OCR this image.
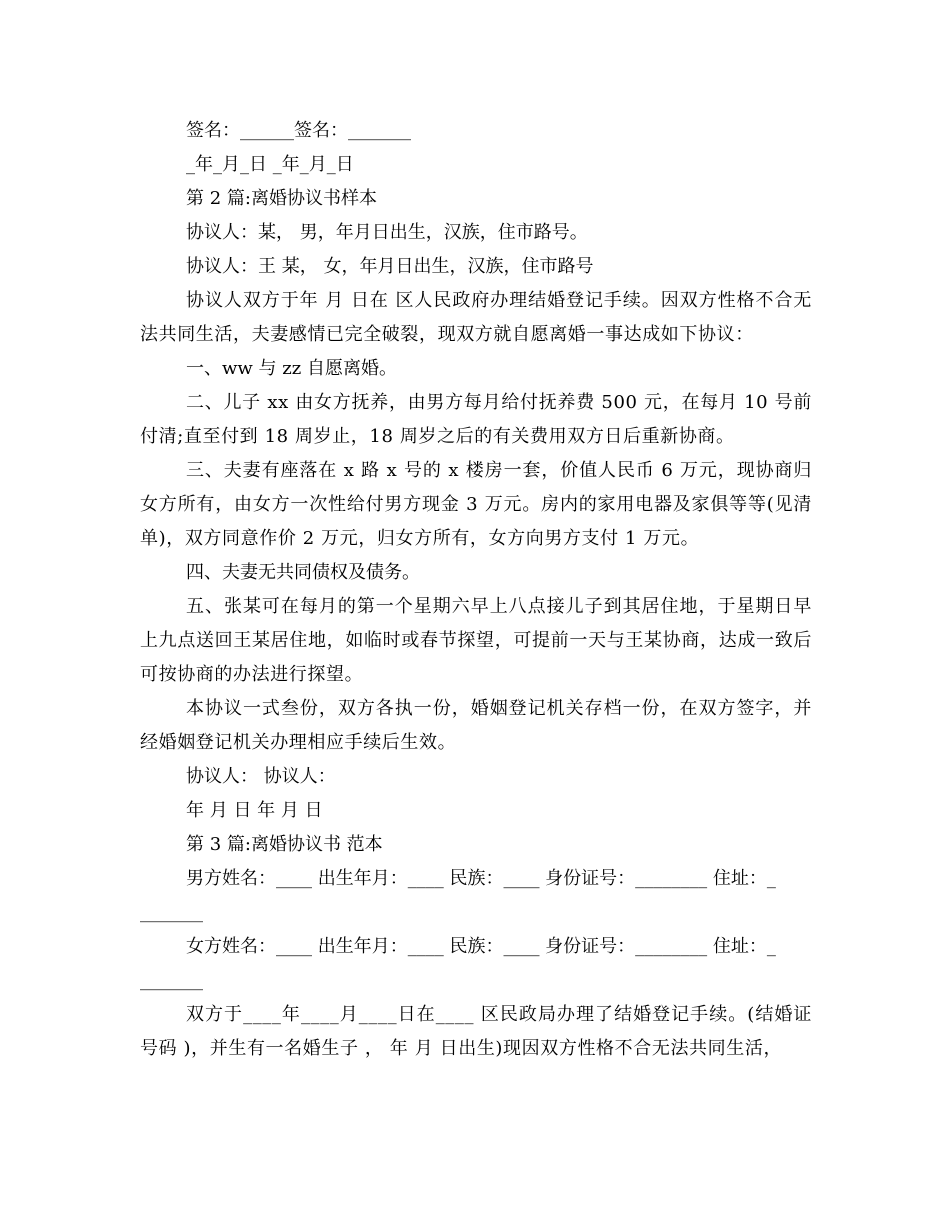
签名：______签名：_______

_年_月_日 _年_月_日

第 2 篇:离婚协议书样本

协议人：某， 男，年月日出生，汉族，住市路号。

协议人：王 某， 女，年月日出生，汉族，住市路号

协议人双方于年 月 日在 区人民政府办理结婚登记手续。因双方性格不合无法共同生活，夫妻感情已完全破裂，现双方就自愿离婚一事达成如下协议：

一、ww 与 zz 自愿离婚。

二、儿子 xx 由女方抚养，由男方每月给付抚养费 500 元，在每月 10 号前付清;直至付到 18 周岁止，18 周岁之后的有关费用双方日后重新协商。

三、夫妻有座落在 x 路 x 号的 x 楼房一套，价值人民币 6 万元，现协商归女方所有，由女方一次性给付男方现金 3 万元。房内的家用电器及家俱等等(见清单)，双方同意作价 2 万元，归女方所有，女方向男方支付 1 万元。

四、夫妻无共同债权及债务。

五、张某可在每月的第一个星期六早上八点接儿子到其居住地，于星期日早上九点送回王某居住地，如临时或春节探望，可提前一天与王某协商，达成一致后可按协商的办法进行探望。

本协议一式叁份，双方各执一份，婚姻登记机关存档一份，在双方签字，并经婚姻登记机关办理相应手续后生效。

协议人： 协议人：

年 月 日 年 月 日

第 3 篇:离婚协议书 范本

男方姓名：____ 出生年月：____ 民族：____ 身份证号：________ 住址：_

_______

女方姓名：____ 出生年月：____ 民族：____ 身份证号：________ 住址：_

_______

双方于____年____月____日在____ 区民政局办理了结婚登记手续。(结婚证号码 )，并生有一名婚生子 ， 年 月 日出生)现因双方性格不合无法共同生活，
